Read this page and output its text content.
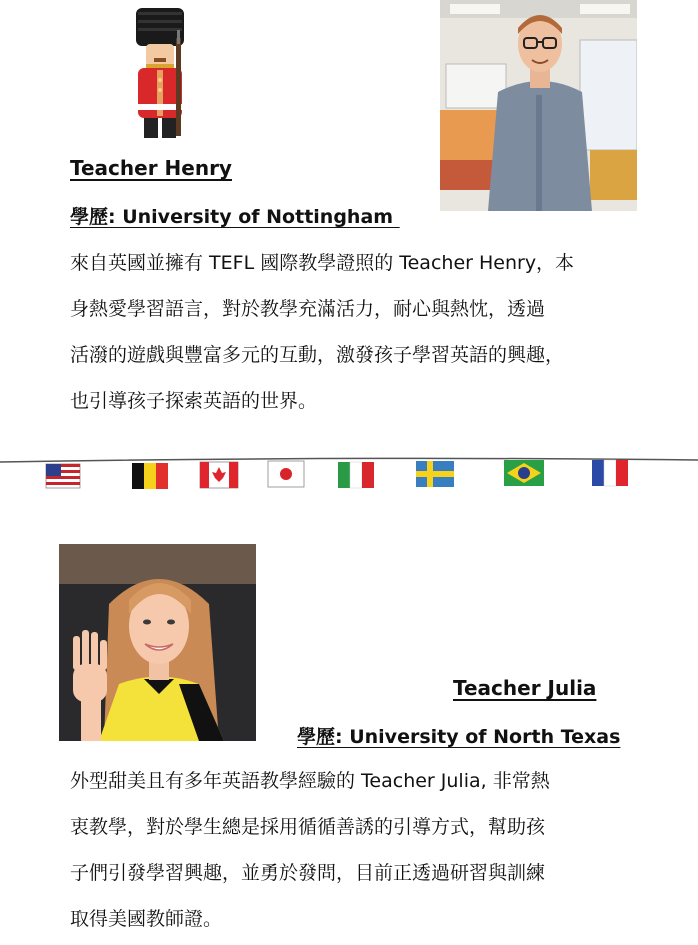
Teacher Henry
學歷: University of Nottingham
來自英國並擁有 TEFL 國際教學證照的 Teacher Henry，本
身熱愛學習語言，對於教學充滿活力，耐心與熱忱，透過
活潑的遊戲與豐富多元的互動，激發孩子學習英語的興趣，
也引導孩子探索英語的世界。
Teacher Julia
學歷: University of North Texas
外型甜美且有多年英語教學經驗的 Teacher Julia, 非常熱
衷教學，對於學生總是採用循循善誘的引導方式，幫助孩
子們引發學習興趣，並勇於發問，目前正透過研習與訓練
取得美國教師證。
